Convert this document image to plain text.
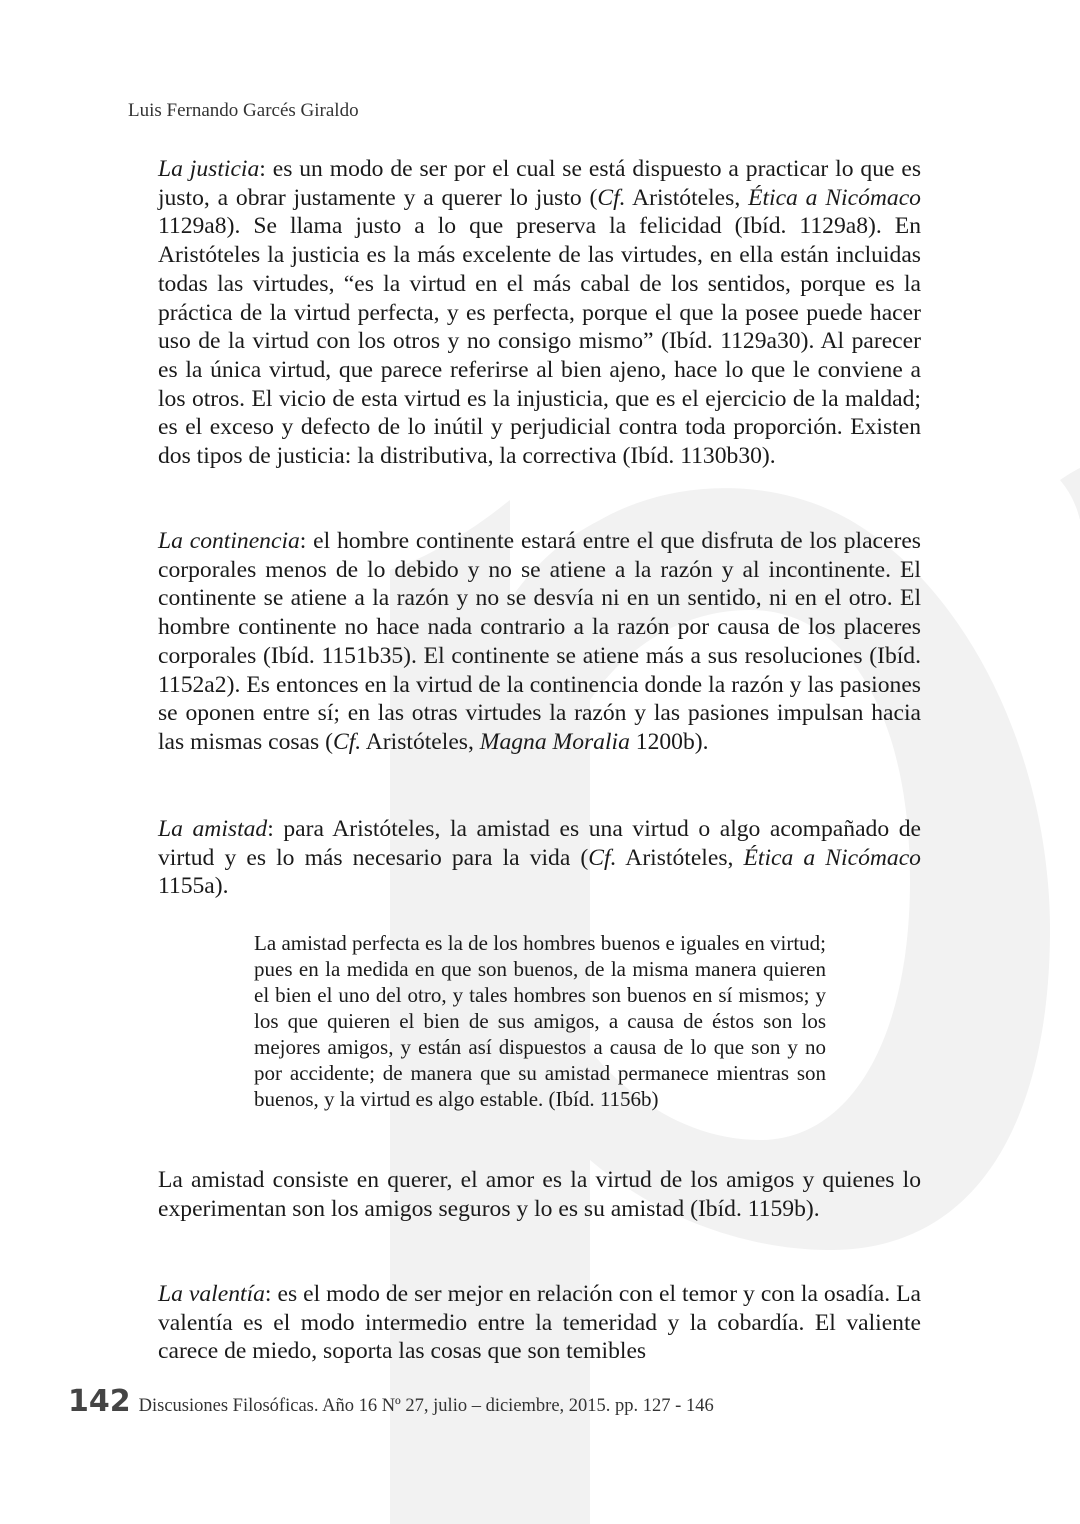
Luis Fernando Garcés Giraldo

La justicia: es un modo de ser por el cual se está dispuesto a practicar lo que es justo, a obrar justamente y a querer lo justo (Cf. Aristóteles, Ética a Nicómaco 1129a8). Se llama justo a lo que preserva la felicidad (Ibíd. 1129a8). En Aristóteles la justicia es la más excelente de las virtudes, en ella están incluidas todas las virtudes, “es la virtud en el más cabal de los sentidos, porque es la práctica de la virtud perfecta, y es perfecta, porque el que la posee puede hacer uso de la virtud con los otros y no consigo mismo” (Ibíd. 1129a30). Al parecer es la única virtud, que parece referirse al bien ajeno, hace lo que le conviene a los otros. El vicio de esta virtud es la injusticia, que es el ejercicio de la maldad; es el exceso y defecto de lo inútil y perjudicial contra toda proporción. Existen dos tipos de justicia: la distributiva, la correctiva (Ibíd. 1130b30).

La continencia: el hombre continente estará entre el que disfruta de los placeres corporales menos de lo debido y no se atiene a la razón y al incontinente. El continente se atiene a la razón y no se desvía ni en un sentido, ni en el otro. El hombre continente no hace nada contrario a la razón por causa de los placeres corporales (Ibíd. 1151b35). El continente se atiene más a sus resoluciones (Ibíd. 1152a2). Es entonces en la virtud de la continencia donde la razón y las pasiones se oponen entre sí; en las otras virtudes la razón y las pasiones impulsan hacia las mismas cosas (Cf. Aristóteles, Magna Moralia 1200b).

La amistad: para Aristóteles, la amistad es una virtud o algo acompañado de virtud y es lo más necesario para la vida (Cf. Aristóteles, Ética a Nicómaco 1155a).

La amistad perfecta es la de los hombres buenos e iguales en virtud; pues en la medida en que son buenos, de la misma manera quieren el bien el uno del otro, y tales hombres son buenos en sí mismos; y los que quieren el bien de sus amigos, a causa de éstos son los mejores amigos, y están así dispuestos a causa de lo que son y no por accidente; de manera que su amistad permanece mientras son buenos, y la virtud es algo estable. (Ibíd. 1156b)

La amistad consiste en querer, el amor es la virtud de los amigos y quienes lo experimentan son los amigos seguros y lo es su amistad (Ibíd. 1159b).

La valentía: es el modo de ser mejor en relación con el temor y con la osadía. La valentía es el modo intermedio entre la temeridad y la cobardía. El valiente carece de miedo, soporta las cosas que son temibles

142 Discusiones Filosóficas. Año 16 Nº 27, julio – diciembre, 2015. pp. 127 - 146
